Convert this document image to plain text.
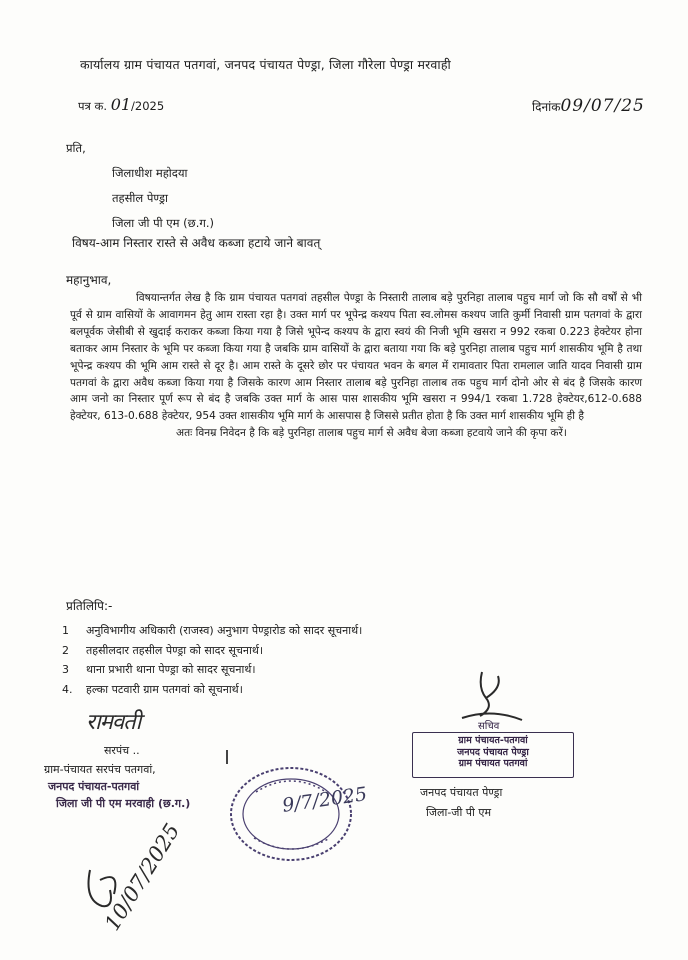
कार्यालय ग्राम पंचायत पतगवां, जनपद पंचायत पेण्ड्रा, जिला गौरेला पेण्ड्रा मरवाही
पत्र क. 01/2025	दिनांक09/07/25
प्रति,
जिलाधीश महोदया
तहसील पेण्ड्रा
जिला जी पी एम (छ.ग.)
विषय-आम निस्तार रास्ते से अवैध कब्जा हटाये जाने बावत्
महानुभाव,

विषयान्तर्गत लेख है कि ग्राम पंचायत पतगवां तहसील पेण्ड्रा के निस्तारी तालाब बड़े पुरनिहा तालाब पहुच मार्ग जो कि सौ वर्षों से भी पूर्व से ग्राम वासियों के आवागमन हेतु आम रास्ता रहा है। उक्त मार्ग पर भूपेन्द्र कश्यप पिता स्व.लोमस कश्यप जाति कुर्मी निवासी ग्राम पतगवां के द्वारा बलपूर्वक जेसीबी से खुदाई कराकर कब्जा किया गया है जिसे भूपेन्द कश्यप के द्वारा स्वयं की निजी भूमि खसरा न 992 रकबा 0.223 हेक्टेयर होना बताकर आम निस्तार के भूमि पर कब्जा किया गया है जबकि ग्राम वासियों के द्वारा बताया गया कि बड़े पुरनिहा तालाब पहुच मार्ग शासकीय भूमि है तथा भूपेन्द्र कश्यप की भूमि आम रास्ते से दूर है। आम रास्ते के दूसरे छोर पर पंचायत भवन के बगल में रामावतार पिता रामलाल जाति यादव निवासी ग्राम पतगवां के द्वारा अवैध कब्जा किया गया है जिसके कारण आम निस्तार तालाब बड़े पुरनिहा तालाब तक पहुच मार्ग दोनो ओर से बंद है जिसके कारण आम जनो का निस्तार पूर्ण रूप से बंद है जबकि उक्त मार्ग के आस पास शासकीय भूमि खसरा न 994/1 रकबा 1.728 हेक्टेयर,612-0.688 हेक्टेयर, 613-0.688 हेक्टेयर, 954 उक्त शासकीय भूमि मार्ग के आसपास है जिससे प्रतीत होता है कि उक्त मार्ग शासकीय भूमि ही है

अतः विनम्र निवेदन है कि बड़े पुरनिहा तालाब पहुच मार्ग से अवैध बेजा कब्जा हटवाये जाने की कृपा करें।

प्रतिलिपि:-
1 अनुविभागीय अधिकारी (राजस्व) अनुभाग पेण्ड्रारोड को सादर सूचनार्थ।
2 तहसीलदार तहसील पेण्ड्रा को सादर सूचनार्थ।
3 थाना प्रभारी थाना पेण्ड्रा को सादर सूचनार्थ।
4. हल्का पटवारी ग्राम पतगवां को सूचनार्थ।
रामवती
सरपंच ..
ग्राम-पंचायत सरपंच पतगवां,
जनपद पंचायत-पतगवां
जिला जी पी एम मरवाही (छ.ग.)	9/7/2025
सचिव
ग्राम पंचायत-पतगवां
जनपद पंचायत पेण्ड्रा
ग्राम पंचायत पतगवां
जनपद पंचायत पेण्ड्रा
जिला-जी पी एम
10/07/2025
